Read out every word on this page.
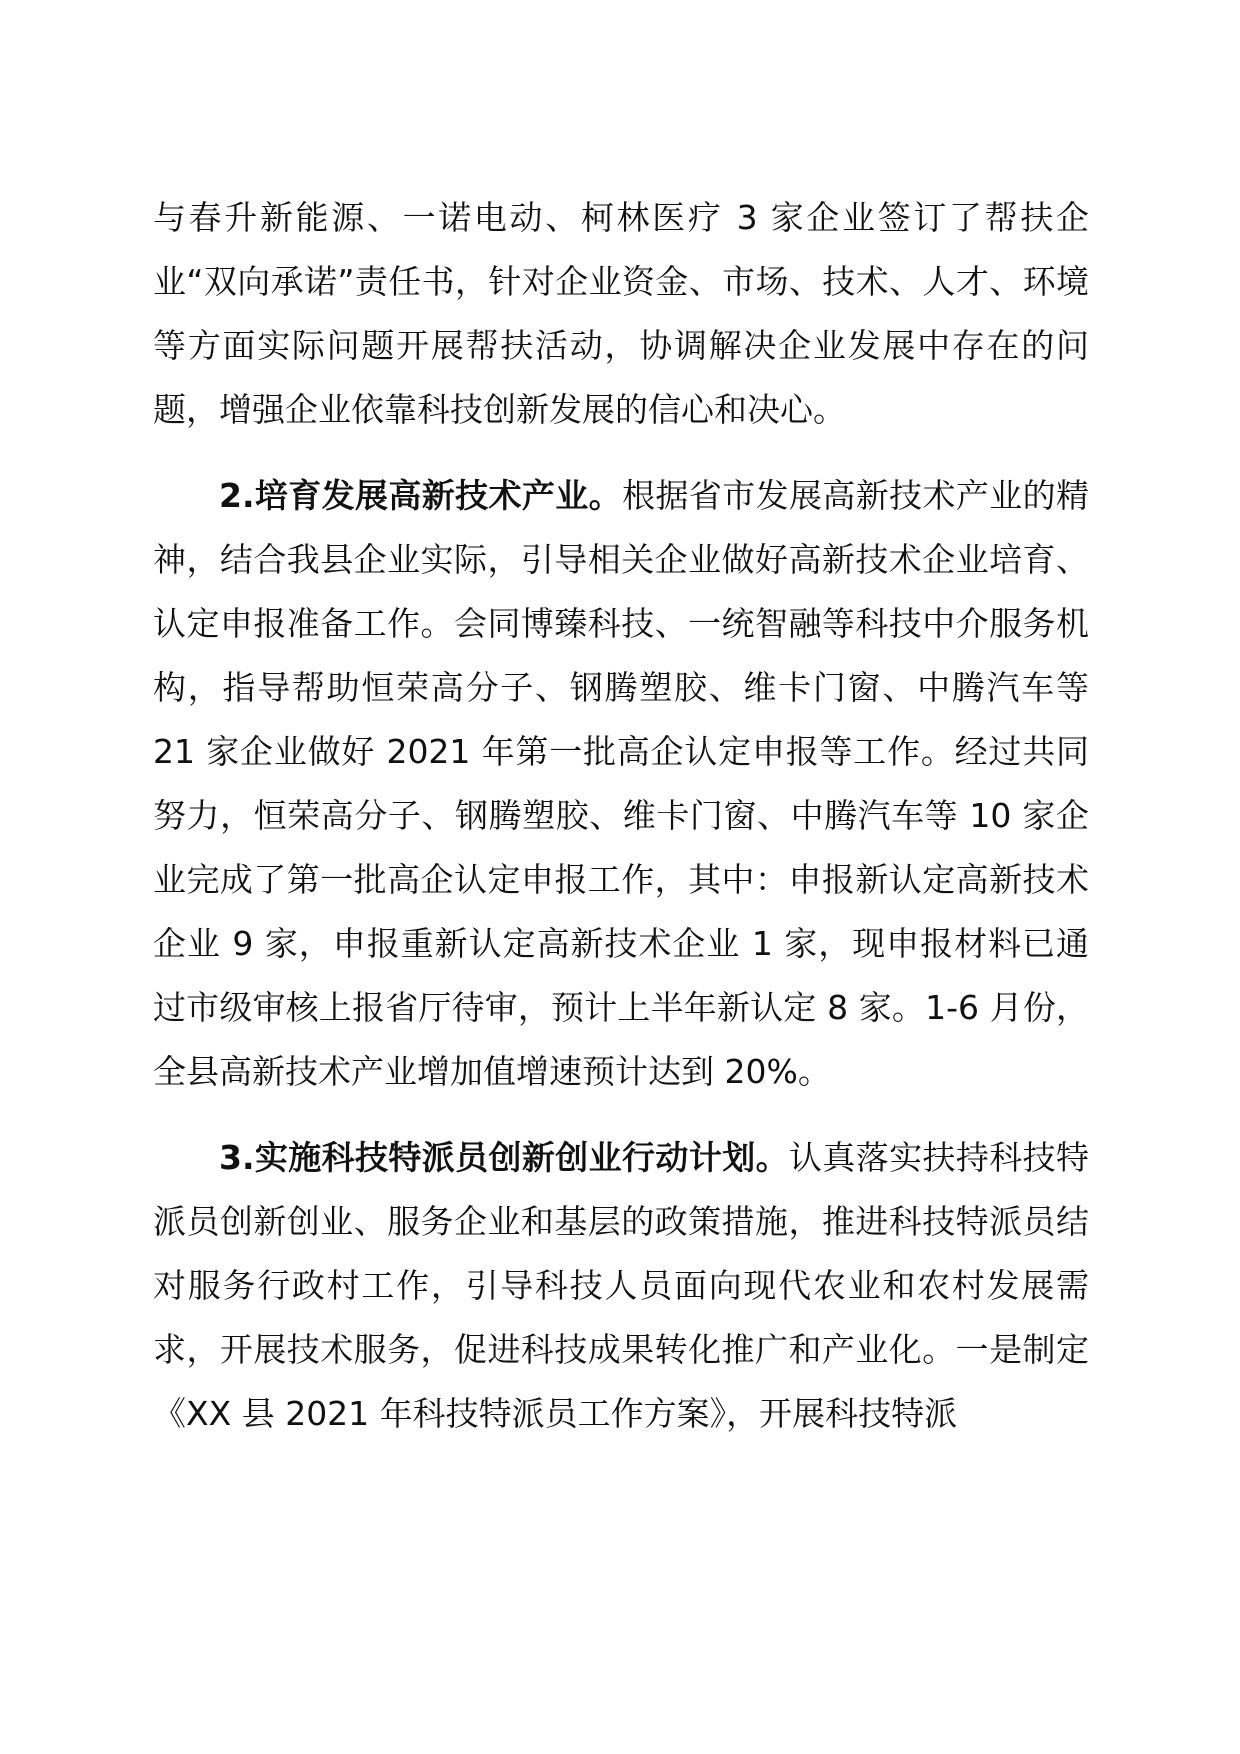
与春升新能源、一诺电动、柯林医疗 3 家企业签订了帮扶企业“双向承诺”责任书，针对企业资金、市场、技术、人才、环境等方面实际问题开展帮扶活动，协调解决企业发展中存在的问题，增强企业依靠科技创新发展的信心和决心。

2.培育发展高新技术产业。根据省市发展高新技术产业的精神，结合我县企业实际，引导相关企业做好高新技术企业培育、认定申报准备工作。会同博臻科技、一统智融等科技中介服务机构，指导帮助恒荣高分子、钢腾塑胶、维卡门窗、中腾汽车等 21 家企业做好 2021 年第一批高企认定申报等工作。经过共同努力，恒荣高分子、钢腾塑胶、维卡门窗、中腾汽车等 10 家企业完成了第一批高企认定申报工作，其中：申报新认定高新技术企业 9 家，申报重新认定高新技术企业 1 家，现申报材料已通过市级审核上报省厅待审，预计上半年新认定 8 家。1-6 月份，全县高新技术产业增加值增速预计达到 20%。

3.实施科技特派员创新创业行动计划。认真落实扶持科技特派员创新创业、服务企业和基层的政策措施，推进科技特派员结对服务行政村工作，引导科技人员面向现代农业和农村发展需求，开展技术服务，促进科技成果转化推广和产业化。一是制定《XX 县 2021 年科技特派员工作方案》，开展科技特派
